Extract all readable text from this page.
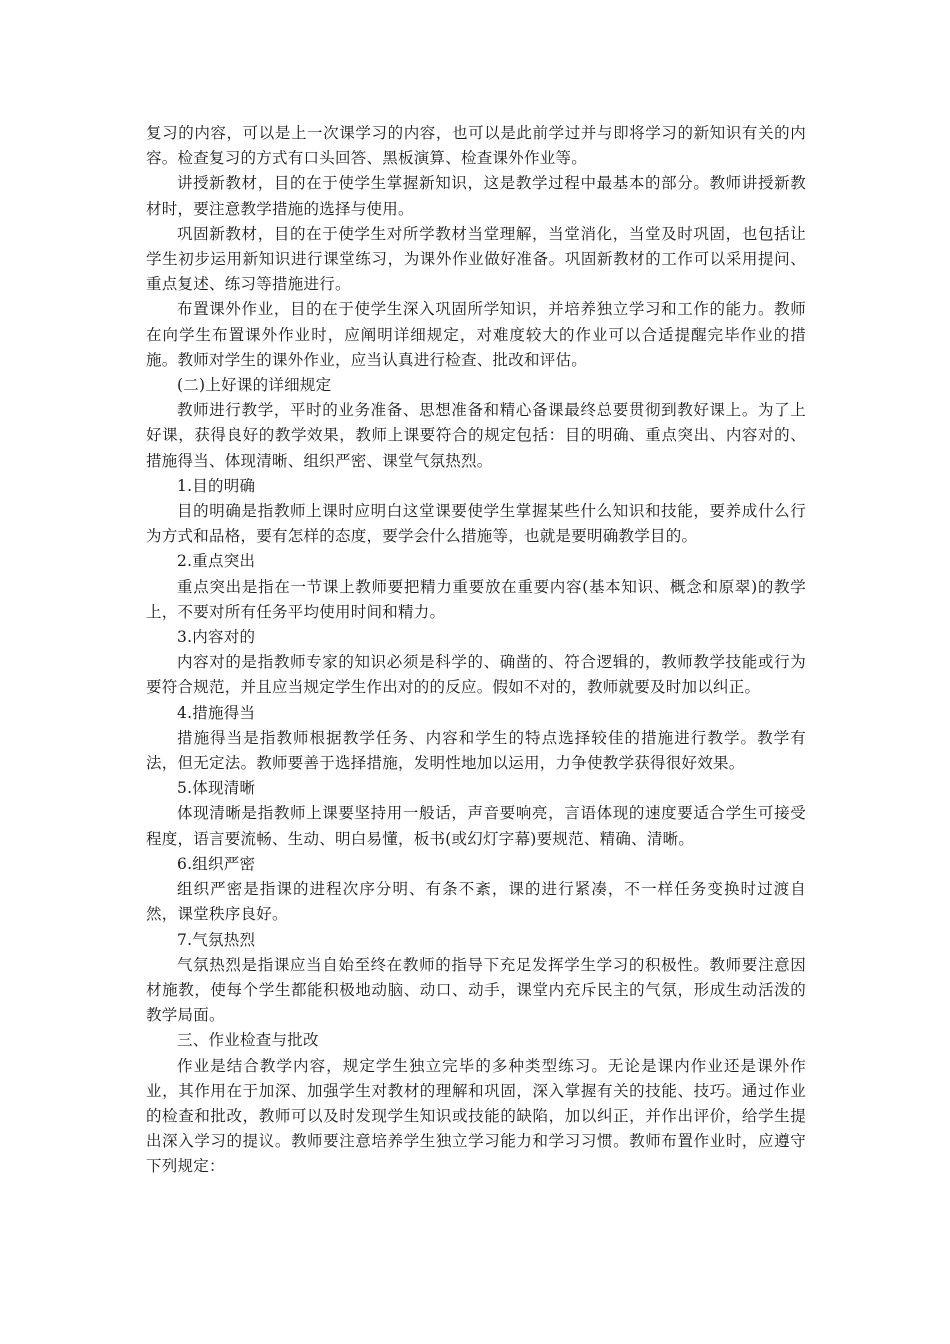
复习的内容，可以是上一次课学习的内容，也可以是此前学过并与即将学习的新知识有关的内容。检查复习的方式有口头回答、黑板演算、检查课外作业等。

讲授新教材，目的在于使学生掌握新知识，这是教学过程中最基本的部分。教师讲授新教材时，要注意教学措施的选择与使用。

巩固新教材，目的在于使学生对所学教材当堂理解，当堂消化，当堂及时巩固，也包括让学生初步运用新知识进行课堂练习，为课外作业做好准备。巩固新教材的工作可以采用提问、重点复述、练习等措施进行。

布置课外作业，目的在于使学生深入巩固所学知识，并培养独立学习和工作的能力。教师在向学生布置课外作业时，应阐明详细规定，对难度较大的作业可以合适提醒完毕作业的措施。教师对学生的课外作业，应当认真进行检查、批改和评估。

(二)上好课的详细规定

教师进行教学，平时的业务准备、思想准备和精心备课最终总要贯彻到教好课上。为了上好课，获得良好的教学效果，教师上课要符合的规定包括：目的明确、重点突出、内容对的、措施得当、体现清晰、组织严密、课堂气氛热烈。

1.目的明确

目的明确是指教师上课时应明白这堂课要使学生掌握某些什么知识和技能，要养成什么行为方式和品格，要有怎样的态度，要学会什么措施等，也就是要明确教学目的。

2.重点突出

重点突出是指在一节课上教师要把精力重要放在重要内容(基本知识、概念和原翠)的教学上，不要对所有任务平均使用时间和精力。

3.内容对的

内容对的是指教师专家的知识必须是科学的、确凿的、符合逻辑的，教师教学技能或行为要符合规范，并且应当规定学生作出对的的反应。假如不对的，教师就要及时加以纠正。

4.措施得当

措施得当是指教师根据教学任务、内容和学生的特点选择较佳的措施进行教学。教学有法，但无定法。教师要善于选择措施，发明性地加以运用，力争使教学获得很好效果。

5.体现清晰

体现清晰是指教师上课要坚持用一般话，声音要响亮，言语体现的速度要适合学生可接受程度，语言要流畅、生动、明白易懂，板书(或幻灯字幕)要规范、精确、清晰。

6.组织严密

组织严密是指课的进程次序分明、有条不紊，课的进行紧凑，不一样任务变换时过渡自然，课堂秩序良好。

7.气氛热烈

气氛热烈是指课应当自始至终在教师的指导下充足发挥学生学习的积极性。教师要注意因材施教，使每个学生都能积极地动脑、动口、动手，课堂内充斥民主的气氛，形成生动活泼的教学局面。

三、作业检查与批改

作业是结合教学内容，规定学生独立完毕的多种类型练习。无论是课内作业还是课外作业，其作用在于加深、加强学生对教材的理解和巩固，深入掌握有关的技能、技巧。通过作业的检查和批改，教师可以及时发现学生知识或技能的缺陷，加以纠正，并作出评价，给学生提出深入学习的提议。教师要注意培养学生独立学习能力和学习习惯。教师布置作业时，应遵守下列规定：
